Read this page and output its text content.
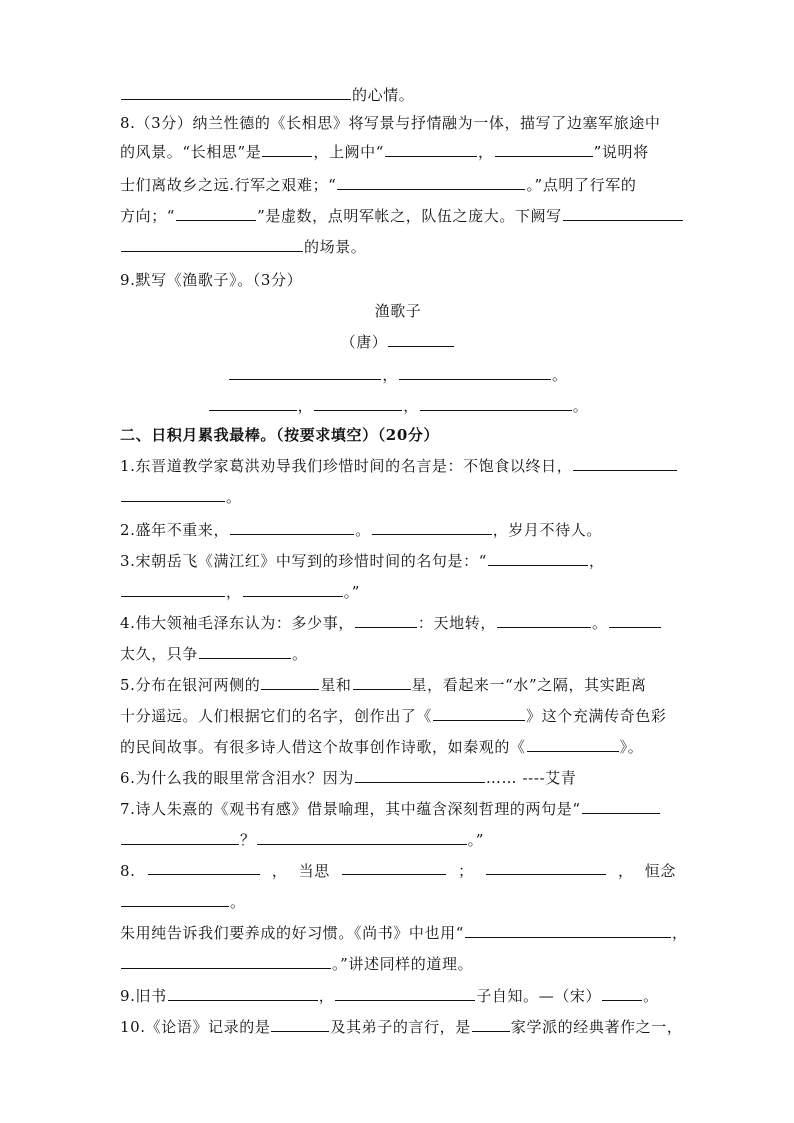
的心情。
8.（3分）纳兰性德的《长相思》将写景与抒情融为一体，描写了边塞军旅途中
的风景。“长相思”是	，上阙中“	，	”说明将
士们离故乡之远.行军之艰难；“	。”点明了行军的
方向；“	”是虚数，点明军帐之，队伍之庞大。下阙写
的场景。
9.默写《渔歌子》。（3分）
渔歌子
（唐）
，	。
，	，	。
二、日积月累我最棒。（按要求填空）（20分）
1.东晋道教学家葛洪劝导我们珍惜时间的名言是：不饱食以终日，
。
2.盛年不重来，	。	，岁月不待人。
3.宋朝岳飞《满江红》中写到的珍惜时间的名句是：“	，
，	。”
4.伟大领袖毛泽东认为：多少事，	：天地转，	。
太久，只争	。
5.分布在银河两侧的	星和	星，看起来一“水”之隔，其实距离
十分遥远。人们根据它们的名字，创作出了《	》这个充满传奇色彩
的民间故事。有很多诗人借这个故事创作诗歌，如秦观的《	》。
6.为什么我的眼里常含泪水？因为	…… ----艾青
7.诗人朱熹的《观书有感》借景喻理，其中蕴含深刻哲理的两句是“
？	。”
8.	， 当思	；	， 恒念
。
朱用纯告诉我们要养成的好习惯。《尚书》中也用“	，
。”讲述同样的道理。
9.旧书	，	子自知。—（宋）	。
10.《论语》记录的是	及其弟子的言行，是	家学派的经典著作之一，
